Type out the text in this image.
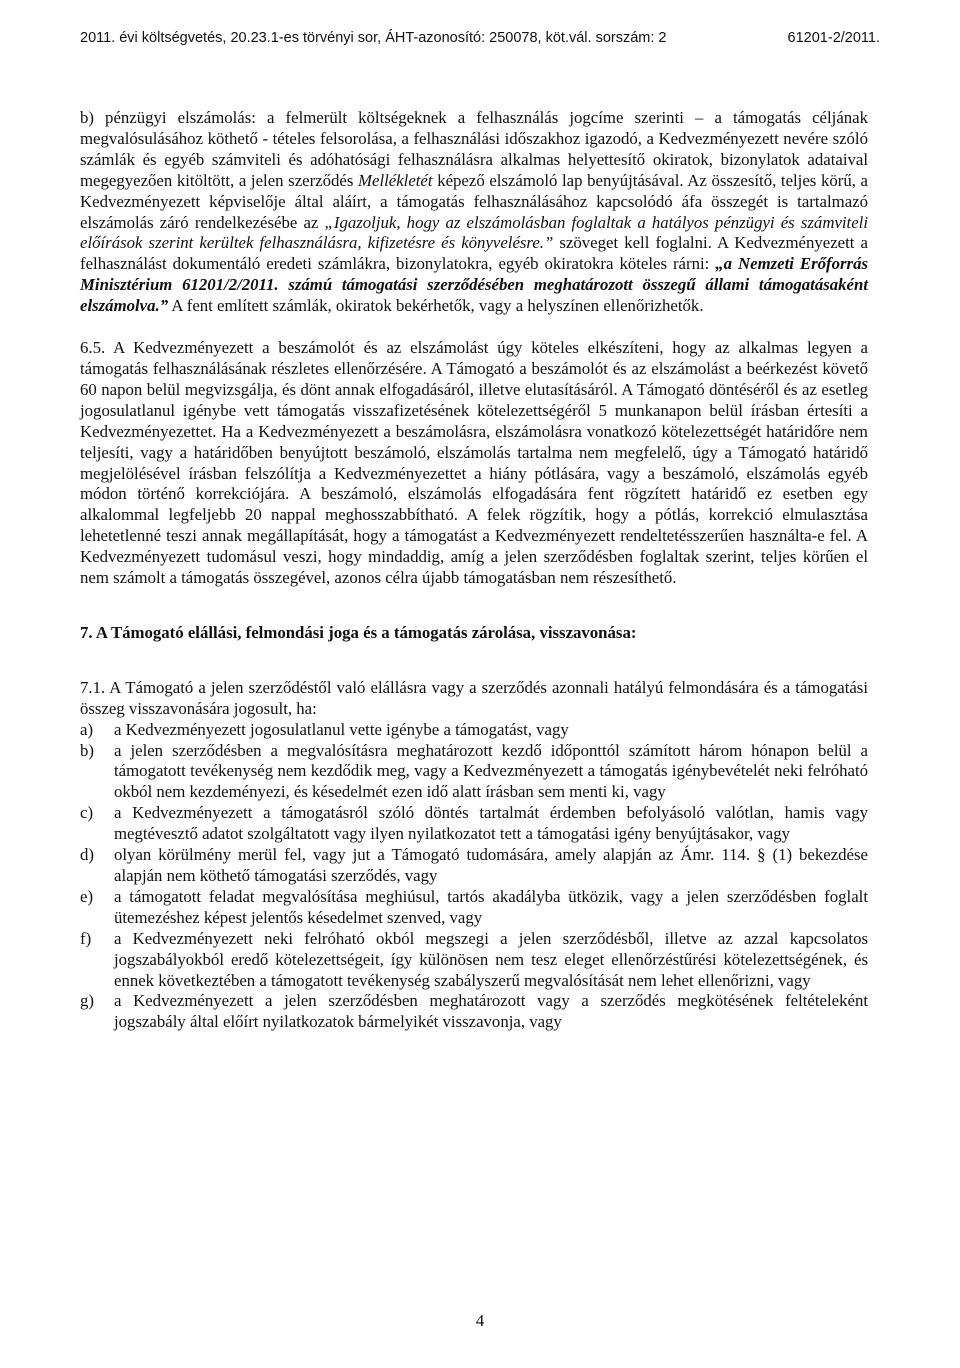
2011. évi költségvetés, 20.23.1-es törvényi sor, ÁHT-azonosító: 250078, köt.vál. sorszám: 2	61201-2/2011.

b) pénzügyi elszámolás: a felmerült költségeknek a felhasználás jogcíme szerinti – a támogatás céljának megvalósulásához köthető - tételes felsorolása, a felhasználási időszakhoz igazodó, a Kedvezményezett nevére szóló számlák és egyéb számviteli és adóhatósági felhasználásra alkalmas helyettesítő okiratok, bizonylatok adataival megegyezően kitöltött, a jelen szerződés Mellékletét képező elszámoló lap benyújtásával. Az összesítő, teljes körű, a Kedvezményezett képviselője által aláírt, a támogatás felhasználásához kapcsolódó áfa összegét is tartalmazó elszámolás záró rendelkezésébe az „Igazoljuk, hogy az elszámolásban foglaltak a hatályos pénzügyi és számviteli előírások szerint kerültek felhasználásra, kifizetésre és könyvelésre.” szöveget kell foglalni. A Kedvezményezett a felhasználást dokumentáló eredeti számlákra, bizonylatokra, egyéb okiratokra köteles rárni: „a Nemzeti Erőforrás Minisztérium 61201/2/2011. számú támogatási szerződésében meghatározott összegű állami támogatásaként elszámolva.” A fent említett számlák, okiratok bekérhetők, vagy a helyszínen ellenőrizhetők.

6.5. A Kedvezményezett a beszámolót és az elszámolást úgy köteles elkészíteni, hogy az alkalmas legyen a támogatás felhasználásának részletes ellenőrzésére. A Támogató a beszámolót és az elszámolást a beérkezést követő 60 napon belül megvizsgálja, és dönt annak elfogadásáról, illetve elutasításáról. A Támogató döntéséről és az esetleg jogosulatlanul igénybe vett támogatás visszafizetésének kötelezettségéről 5 munkanapon belül írásban értesíti a Kedvezményezettet. Ha a Kedvezményezett a beszámolásra, elszámolásra vonatkozó kötelezettségét határidőre nem teljesíti, vagy a határidőben benyújtott beszámoló, elszámolás tartalma nem megfelelő, úgy a Támogató határidő megjelölésével írásban felszólítja a Kedvezményezettet a hiány pótlására, vagy a beszámoló, elszámolás egyéb módon történő korrekciójára. A beszámoló, elszámolás elfogadására fent rögzített határidő ez esetben egy alkalommal legfeljebb 20 nappal meghosszabbítható. A felek rögzítik, hogy a pótlás, korrekció elmulasztása lehetetlenné teszi annak megállapítását, hogy a támogatást a Kedvezményezett rendeltetésszerűen használta-e fel. A Kedvezményezett tudomásul veszi, hogy mindaddig, amíg a jelen szerződésben foglaltak szerint, teljes körűen el nem számolt a támogatás összegével, azonos célra újabb támogatásban nem részesíthető.

7. A Támogató elállási, felmondási joga és a támogatás zárolása, visszavonása:

7.1. A Támogató a jelen szerződéstől való elállásra vagy a szerződés azonnali hatályú felmondására és a támogatási összeg visszavonására jogosult, ha:

a)	a Kedvezményezett jogosulatlanul vette igénybe a támogatást, vagy
b)	a jelen szerződésben a megvalósításra meghatározott kezdő időponttól számított három hónapon belül a támogatott tevékenység nem kezdődik meg, vagy a Kedvezményezett a támogatás igénybevételét neki felróható okból nem kezdeményezi, és késedelmét ezen idő alatt írásban sem menti ki, vagy
c)	a Kedvezményezett a támogatásról szóló döntés tartalmát érdemben befolyásoló valótlan, hamis vagy megtévesztő adatot szolgáltatott vagy ilyen nyilatkozatot tett a támogatási igény benyújtásakor, vagy
d)	olyan körülmény merül fel, vagy jut a Támogató tudomására, amely alapján az Ámr. 114. § (1) bekezdése alapján nem köthető támogatási szerződés, vagy
e)	a támogatott feladat megvalósítása meghiúsul, tartós akadályba ütközik, vagy a jelen szerződésben foglalt ütemezéshez képest jelentős késedelmet szenved, vagy
f)	a Kedvezményezett neki felróható okból megszegi a jelen szerződésből, illetve az azzal kapcsolatos jogszabályokból eredő kötelezettségeit, így különösen nem tesz eleget ellenőrzéstűrési kötelezettségének, és ennek következtében a támogatott tevékenység szabályszerű megvalósítását nem lehet ellenőrizni, vagy
g)	a Kedvezményezett a jelen szerződésben meghatározott vagy a szerződés megkötésének feltételeként jogszabály által előírt nyilatkozatok bármelyikét visszavonja, vagy
4
